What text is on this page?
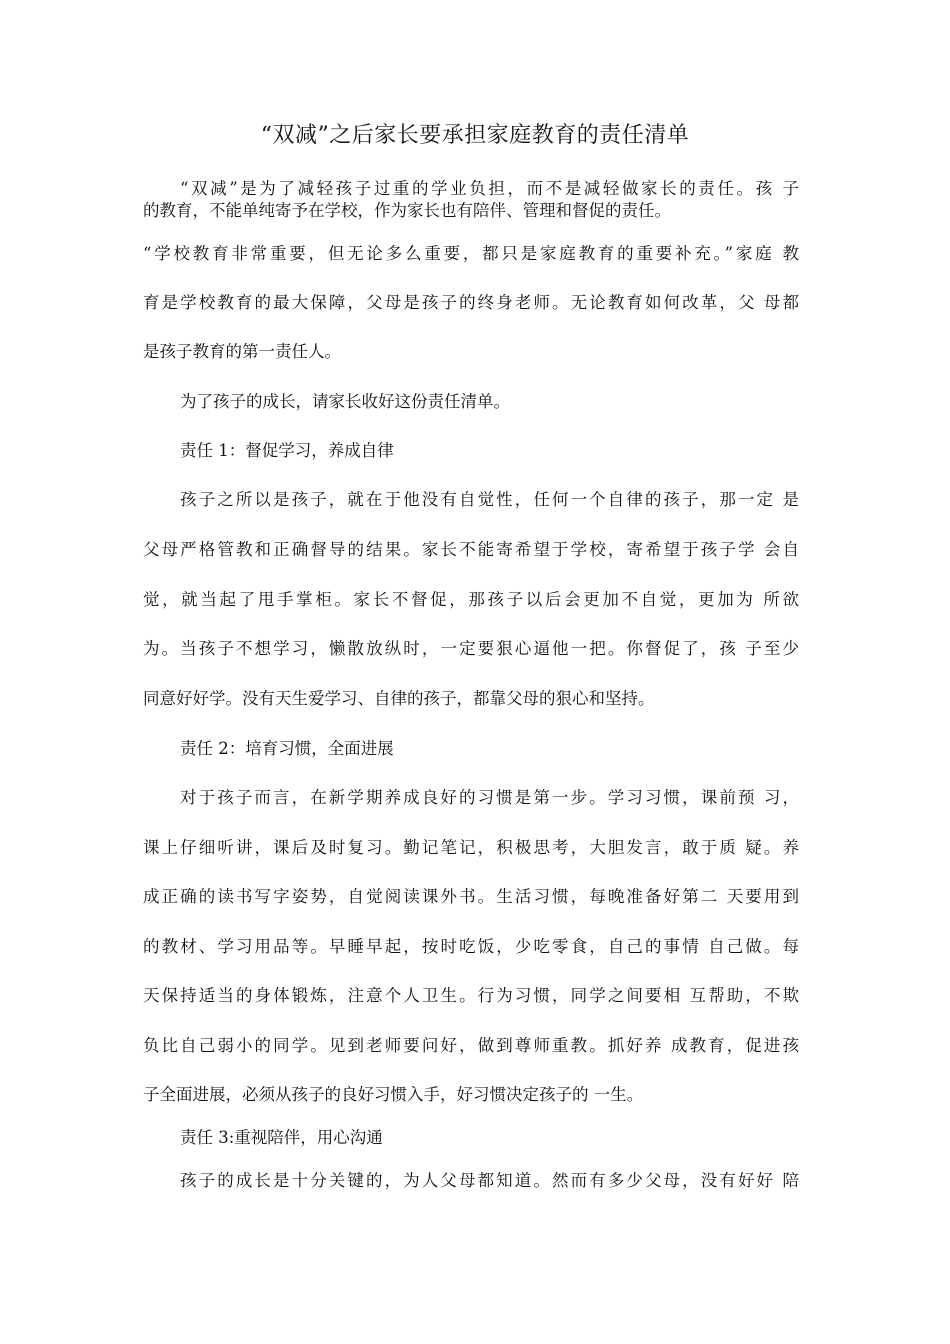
“双减”之后家长要承担家庭教育的责任清单
“双减”是为了减轻孩子过重的学业负担，而不是减轻做家长的责任。孩 子
的教育，不能单纯寄予在学校，作为家长也有陪伴、管理和督促的责任。
“学校教育非常重要，但无论多么重要，都只是家庭教育的重要补充。”家庭 教
育是学校教育的最大保障，父母是孩子的终身老师。无论教育如何改革，父 母都
是孩子教育的第一责任人。
为了孩子的成长，请家长收好这份责任清单。
责任 1：督促学习，养成自律
孩子之所以是孩子，就在于他没有自觉性，任何一个自律的孩子，那一定 是
父母严格管教和正确督导的结果。家长不能寄希望于学校，寄希望于孩子学 会自
觉，就当起了甩手掌柜。家长不督促，那孩子以后会更加不自觉，更加为 所欲
为。当孩子不想学习，懒散放纵时，一定要狠心逼他一把。你督促了，孩 子至少
同意好好学。没有天生爱学习、自律的孩子，都靠父母的狠心和坚持。
责任 2：培育习惯，全面进展
对于孩子而言，在新学期养成良好的习惯是第一步。学习习惯，课前预 习，
课上仔细听讲，课后及时复习。勤记笔记，积极思考，大胆发言，敢于质 疑。养
成正确的读书写字姿势，自觉阅读课外书。生活习惯，每晚准备好第二 天要用到
的教材、学习用品等。早睡早起，按时吃饭，少吃零食，自己的事情 自己做。每
天保持适当的身体锻炼，注意个人卫生。行为习惯，同学之间要相 互帮助，不欺
负比自己弱小的同学。见到老师要问好，做到尊师重教。抓好养 成教育，促进孩
子全面进展，必须从孩子的良好习惯入手，好习惯决定孩子的 一生。
责任 3:重视陪伴，用心沟通
孩子的成长是十分关键的，为人父母都知道。然而有多少父母，没有好好 陪
